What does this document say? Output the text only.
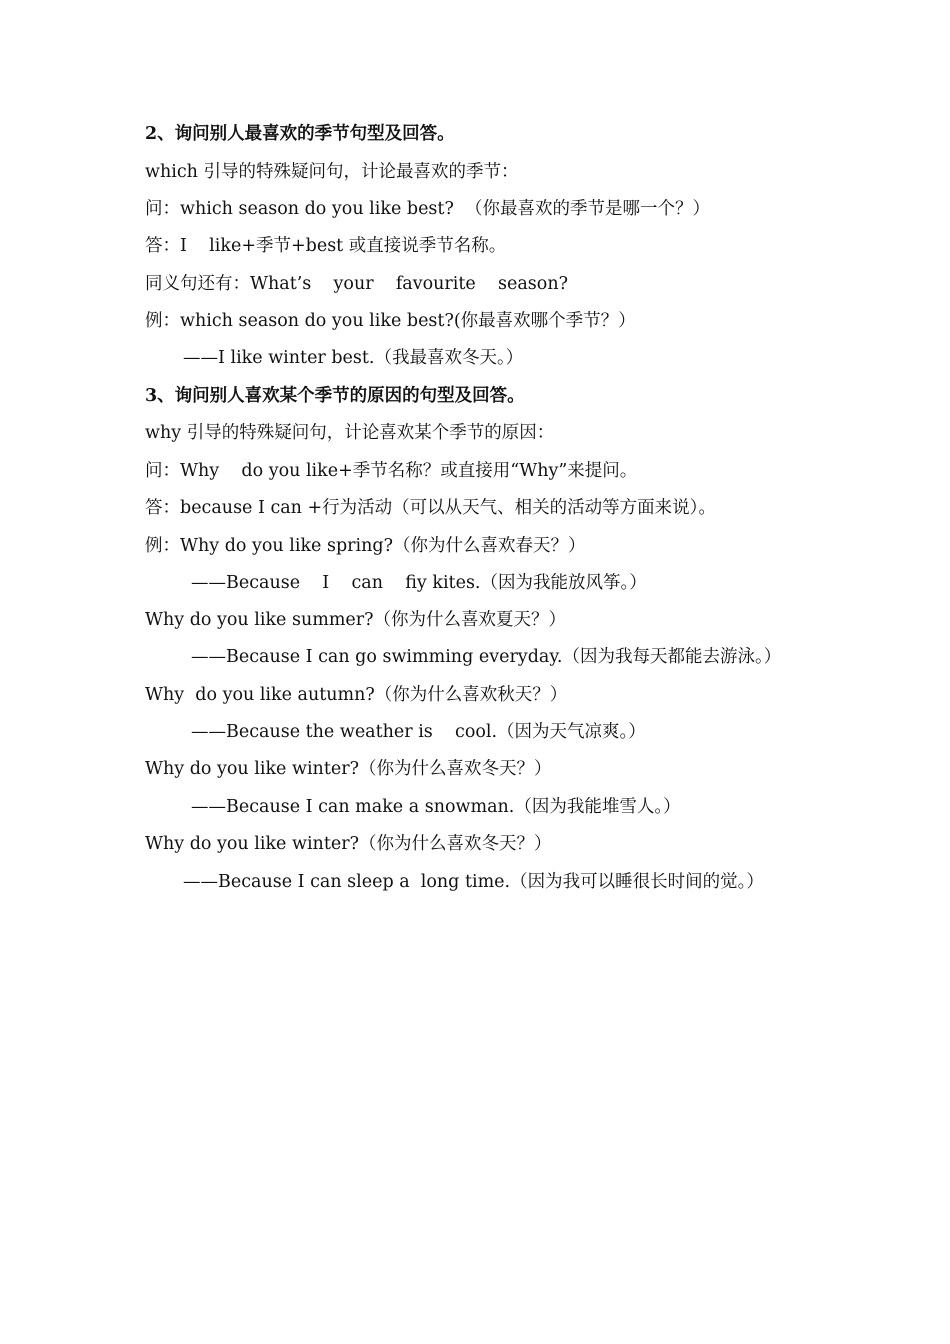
2、询问别人最喜欢的季节句型及回答。
which 引导的特殊疑问句，计论最喜欢的季节：
问：which season do you like best?  （你最喜欢的季节是哪一个？）
答：I    like+季节+best 或直接说季节名称。
同义句还有：What’s    your    favourite    season?
例：which season do you like best?(你最喜欢哪个季节？）
——I like winter best.（我最喜欢冬天。）
3、询问别人喜欢某个季节的原因的句型及回答。
why 引导的特殊疑问句，计论喜欢某个季节的原因：
问：Why    do you like+季节名称？或直接用“Why”来提问。
答：because I can +行为活动（可以从天气、相关的活动等方面来说）。
例：Why do you like spring?（你为什么喜欢春天？）
——Because    I    can    fiy kites.（因为我能放风筝。）
Why do you like summer?（你为什么喜欢夏天？）
——Because I can go swimming everyday.（因为我每天都能去游泳。）
Why  do you like autumn?（你为什么喜欢秋天？）
——Because the weather is    cool.（因为天气凉爽。）
Why do you like winter?（你为什么喜欢冬天？）
——Because I can make a snowman.（因为我能堆雪人。）
Why do you like winter?（你为什么喜欢冬天？）
——Because I can sleep a  long time.（因为我可以睡很长时间的觉。）
